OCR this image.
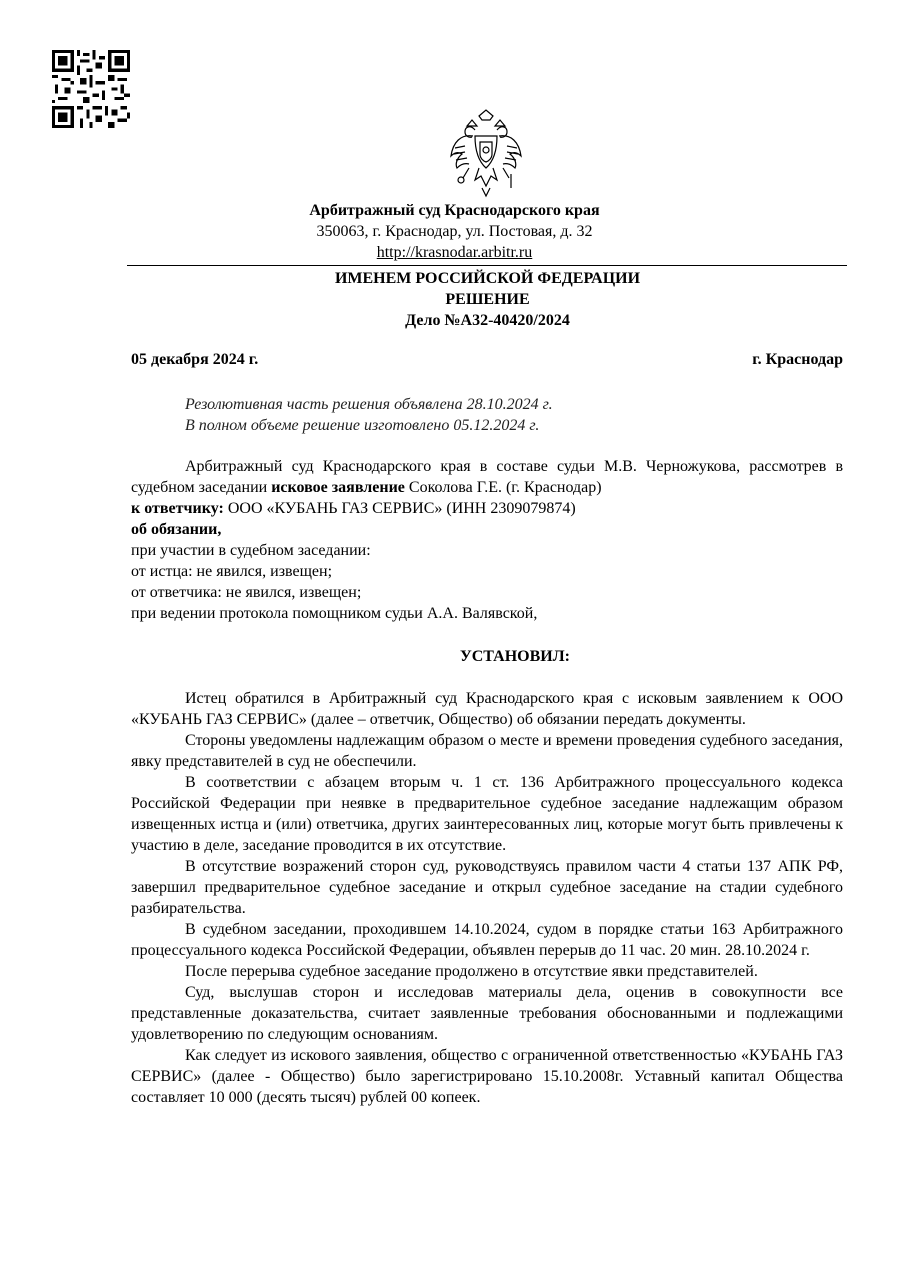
Арбитражный суд Краснодарского края
350063, г. Краснодар, ул. Постовая, д. 32
http://krasnodar.arbitr.ru
ИМЕНЕМ РОССИЙСКОЙ ФЕДЕРАЦИИ
РЕШЕНИЕ
Дело №А32-40420/2024
05 декабря 2024 г.	г. Краснодар
Резолютивная часть решения объявлена 28.10.2024 г.
В полном объеме решение изготовлено 05.12.2024 г.

Арбитражный суд Краснодарского края в составе судьи М.В. Черножукова, рассмотрев в судебном заседании исковое заявление Соколова Г.Е. (г. Краснодар)

к ответчику: ООО «КУБАНЬ ГАЗ СЕРВИС» (ИНН 2309079874)

об обязании,

при участии в судебном заседании:

от истца: не явился, извещен;

от ответчика: не явился, извещен;

при ведении протокола помощником судьи А.А. Валявской,

УСТАНОВИЛ:

Истец обратился в Арбитражный суд Краснодарского края с исковым заявлением к ООО «КУБАНЬ ГАЗ СЕРВИС» (далее – ответчик, Общество) об обязании передать документы.

Стороны уведомлены надлежащим образом о месте и времени проведения судебного заседания, явку представителей в суд не обеспечили.

В соответствии с абзацем вторым ч. 1 ст. 136 Арбитражного процессуального кодекса Российской Федерации при неявке в предварительное судебное заседание надлежащим образом извещенных истца и (или) ответчика, других заинтересованных лиц, которые могут быть привлечены к участию в деле, заседание проводится в их отсутствие.

В отсутствие возражений сторон суд, руководствуясь правилом части 4 статьи 137 АПК РФ, завершил предварительное судебное заседание и открыл судебное заседание на стадии судебного разбирательства.

В судебном заседании, проходившем 14.10.2024, судом в порядке статьи 163 Арбитражного процессуального кодекса Российской Федерации, объявлен перерыв до 11 час. 20 мин. 28.10.2024 г.

После перерыва судебное заседание продолжено в отсутствие явки представителей.

Суд, выслушав сторон и исследовав материалы дела, оценив в совокупности все представленные доказательства, считает заявленные требования обоснованными и подлежащими удовлетворению по следующим основаниям.

Как следует из искового заявления, общество с ограниченной ответственностью «КУБАНЬ ГАЗ СЕРВИС» (далее - Общество) было зарегистрировано 15.10.2008г. Уставный капитал Общества составляет 10 000 (десять тысяч) рублей 00 копеек.
